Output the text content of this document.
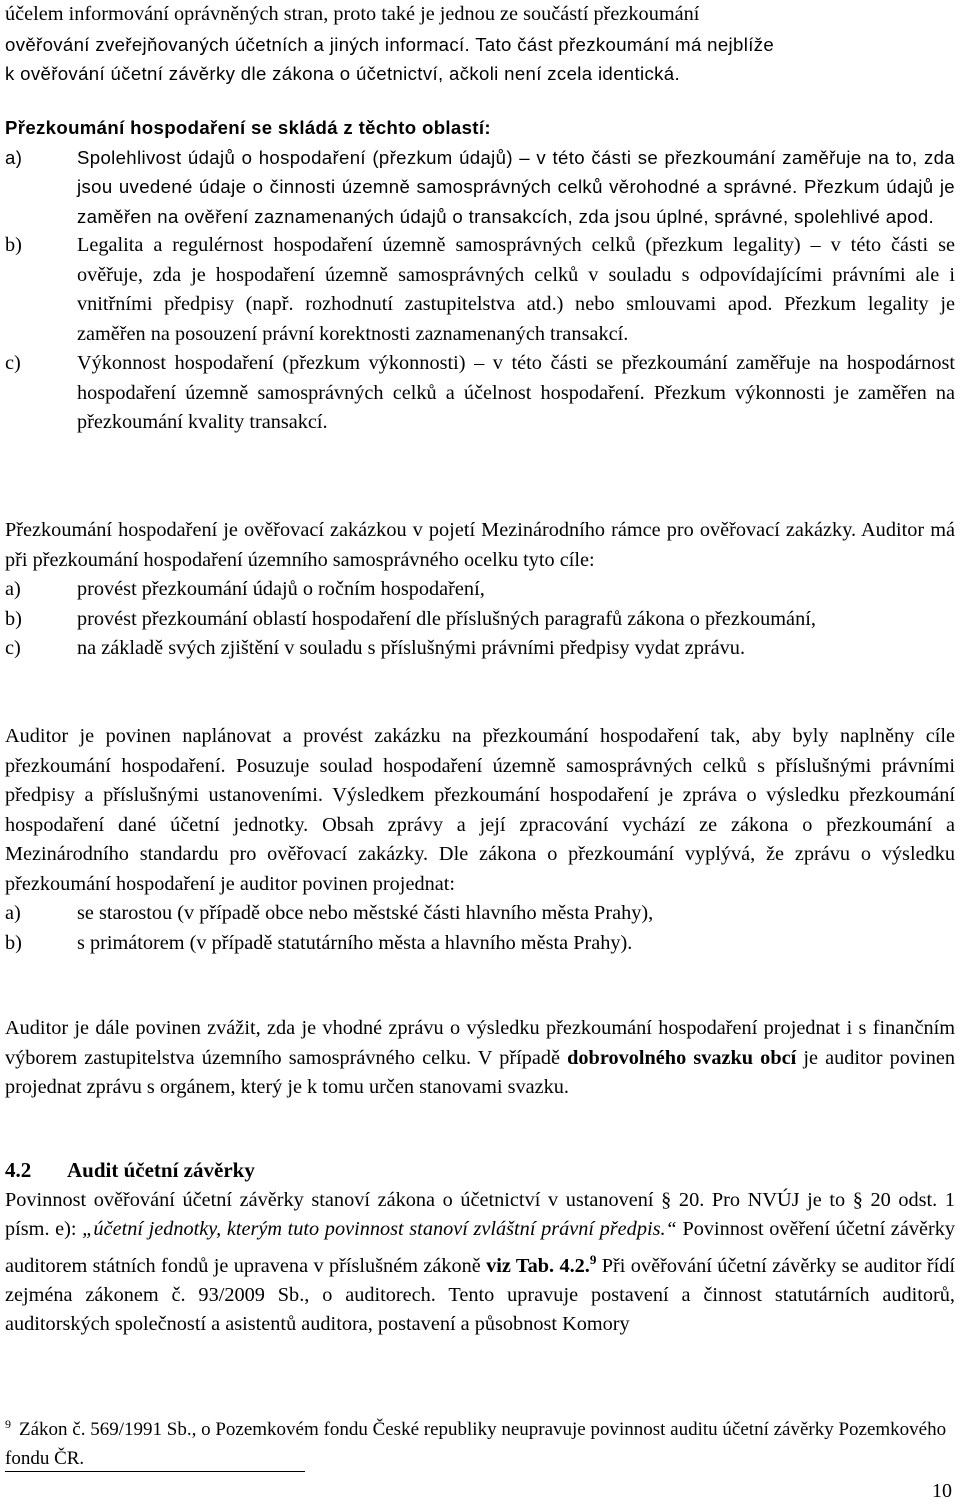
účelem informování oprávněných stran, proto také je jednou ze součástí přezkoumání

ověřování zveřejňovaných účetních a jiných informací. Tato část přezkoumání má nejblíže

k ověřování účetní závěrky dle zákona o účetnictví, ačkoli není zcela identická.

Přezkoumání hospodaření se skládá z těchto oblastí:

a)	Spolehlivost údajů o hospodaření (přezkum údajů) – v této části se přezkoumání zaměřuje na to, zda jsou uvedené údaje o činnosti územně samosprávných celků věrohodné a správné. Přezkum údajů je zaměřen na ověření zaznamenaných údajů o transakcích, zda jsou úplné, správné, spolehlivé apod.
b)	Legalita a regulérnost hospodaření územně samosprávných celků (přezkum legality) – v této části se ověřuje, zda je hospodaření územně samosprávných celků v souladu s odpovídajícími právními ale i vnitřními předpisy (např. rozhodnutí zastupitelstva atd.) nebo smlouvami apod. Přezkum legality je zaměřen na posouzení právní korektnosti zaznamenaných transakcí.
c)	Výkonnost hospodaření (přezkum výkonnosti) – v této části se přezkoumání zaměřuje na hospodárnost hospodaření územně samosprávných celků a účelnost hospodaření. Přezkum výkonnosti je zaměřen na přezkoumání kvality transakcí.

Přezkoumání hospodaření je ověřovací zakázkou v pojetí Mezinárodního rámce pro ověřovací zakázky. Auditor má při přezkoumání hospodaření územního samosprávného ocelku tyto cíle:

a)	provést přezkoumání údajů o ročním hospodaření,
b)	provést přezkoumání oblastí hospodaření dle příslušných paragrafů zákona o přezkoumání,
c)	na základě svých zjištění v souladu s příslušnými právními předpisy vydat zprávu.

Auditor je povinen naplánovat a provést zakázku na přezkoumání hospodaření tak, aby byly naplněny cíle přezkoumání hospodaření. Posuzuje soulad hospodaření územně samosprávných celků s příslušnými právními předpisy a příslušnými ustanoveními. Výsledkem přezkoumání hospodaření je zpráva o výsledku přezkoumání hospodaření dané účetní jednotky. Obsah zprávy a její zpracování vychází ze zákona o přezkoumání a Mezinárodního standardu pro ověřovací zakázky. Dle zákona o přezkoumání vyplývá, že zprávu o výsledku přezkoumání hospodaření je auditor povinen projednat:

a)	se starostou (v případě obce nebo městské části hlavního města Prahy),
b)	s primátorem (v případě statutárního města a hlavního města Prahy).

Auditor je dále povinen zvážit, zda je vhodné zprávu o výsledku přezkoumání hospodaření projednat i s finančním výborem zastupitelstva územního samosprávného celku. V případě dobrovolného svazku obcí je auditor povinen projednat zprávu s orgánem, který je k tomu určen stanovami svazku.

4.2 Audit účetní závěrky

Povinnost ověřování účetní závěrky stanoví zákona o účetnictví v ustanovení § 20. Pro NVÚJ je to § 20 odst. 1 písm. e): „účetní jednotky, kterým tuto povinnost stanoví zvláštní právní předpis.“ Povinnost ověření účetní závěrky auditorem státních fondů je upravena v příslušném zákoně viz Tab. 4.2.$^9$ Při ověřování účetní závěrky se auditor řídí zejména zákonem č. 93/2009 Sb., o auditorech. Tento upravuje postavení a činnost statutárních auditorů, auditorských společností a asistentů auditora, postavení a působnost Komory

$^9$ Zákon č. 569/1991 Sb., o Pozemkovém fondu České republiky neupravuje povinnost auditu účetní závěrky Pozemkového fondu ČR.

10
